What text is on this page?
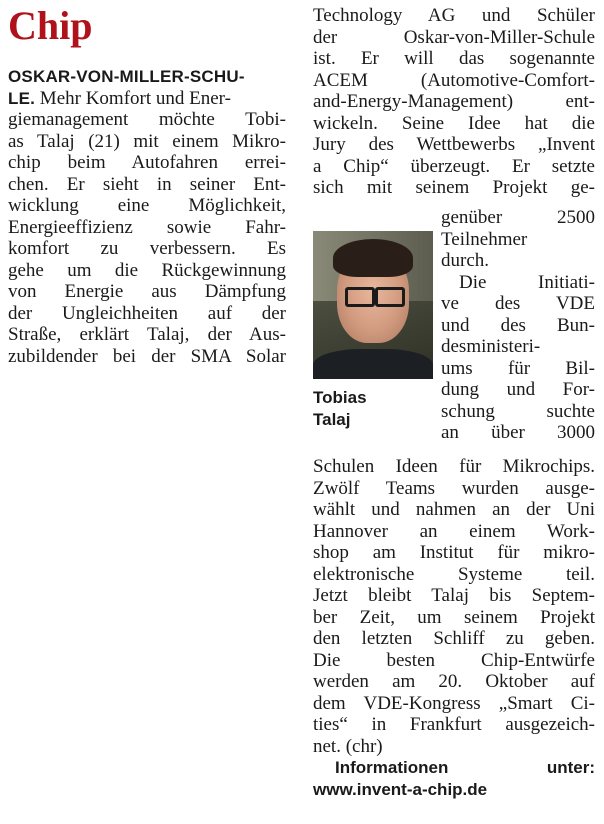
Chip
OSKAR-VON-MILLER-SCHU-
LE. Mehr Komfort und Ener-
giemanagement möchte Tobi-
as Talaj (21) mit einem Mikro-
chip beim Autofahren errei-
chen. Er sieht in seiner Ent-
wicklung eine Möglichkeit,
Energieeffizienz sowie Fahr-
komfort zu verbessern. Es
gehe um die Rückgewinnung
von Energie aus Dämpfung
der Ungleichheiten auf der
Straße, erklärt Talaj, der Aus-
zubildender bei der SMA Solar
Technology AG und Schüler
der Oskar-von-Miller-Schule
ist. Er will das sogenannte
ACEM (Automotive-Comfort-
and-Energy-Management) ent-
wickeln. Seine Idee hat die
Jury des Wettbewerbs „Invent
a Chip“ überzeugt. Er setzte
sich mit seinem Projekt ge-
Tobias
Talaj
genüber 2500
Teilnehmer
durch.
Die Initiati-
ve des VDE
und des Bun-
desministeri-
ums für Bil-
dung und For-
schung suchte
an über 3000
Schulen Ideen für Mikrochips.
Zwölf Teams wurden ausge-
wählt und nahmen an der Uni
Hannover an einem Work-
shop am Institut für mikro-
elektronische Systeme teil.
Jetzt bleibt Talaj bis Septem-
ber Zeit, um seinem Projekt
den letzten Schliff zu geben.
Die besten Chip-Entwürfe
werden am 20. Oktober auf
dem VDE-Kongress „Smart Ci-
ties“ in Frankfurt ausgezeich-
net. (chr)
Informationen	unter:
www.invent-a-chip.de
